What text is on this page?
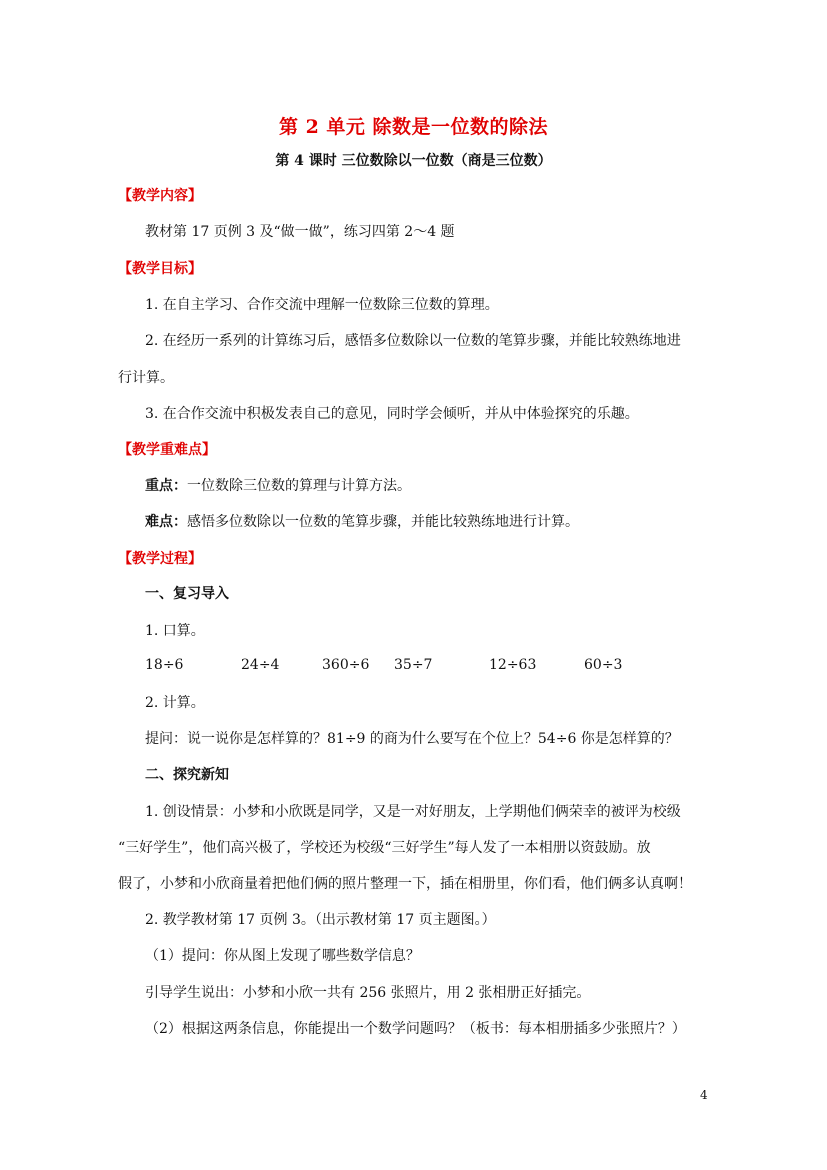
第 2 单元 除数是一位数的除法
第 4 课时 三位数除以一位数（商是三位数）
【教学内容】
教材第 17 页例 3 及“做一做”，练习四第 2～4 题
【教学目标】
1. 在自主学习、合作交流中理解一位数除三位数的算理。
2. 在经历一系列的计算练习后，感悟多位数除以一位数的笔算步骤，并能比较熟练地进
行计算。
3. 在合作交流中积极发表自己的意见，同时学会倾听，并从中体验探究的乐趣。
【教学重难点】
重点：一位数除三位数的算理与计算方法。
难点：感悟多位数除以一位数的笔算步骤，并能比较熟练地进行计算。
【教学过程】
一、复习导入
1. 口算。
18÷6	24÷4	360÷6 35÷7	12÷63	60÷3
2. 计算。
提问：说一说你是怎样算的？81÷9 的商为什么要写在个位上？54÷6 你是怎样算的？
二、探究新知
1. 创设情景：小梦和小欣既是同学，又是一对好朋友，上学期他们俩荣幸的被评为校级
“三好学生”，他们高兴极了，学校还为校级“三好学生”每人发了一本相册以资鼓励。放
假了，小梦和小欣商量着把他们俩的照片整理一下，插在相册里，你们看，他们俩多认真啊！
2. 教学教材第 17 页例 3。（出示教材第 17 页主题图。）
（1）提问：你从图上发现了哪些数学信息？
引导学生说出：小梦和小欣一共有 256 张照片，用 2 张相册正好插完。
（2）根据这两条信息，你能提出一个数学问题吗？（板书：每本相册插多少张照片？）
4
